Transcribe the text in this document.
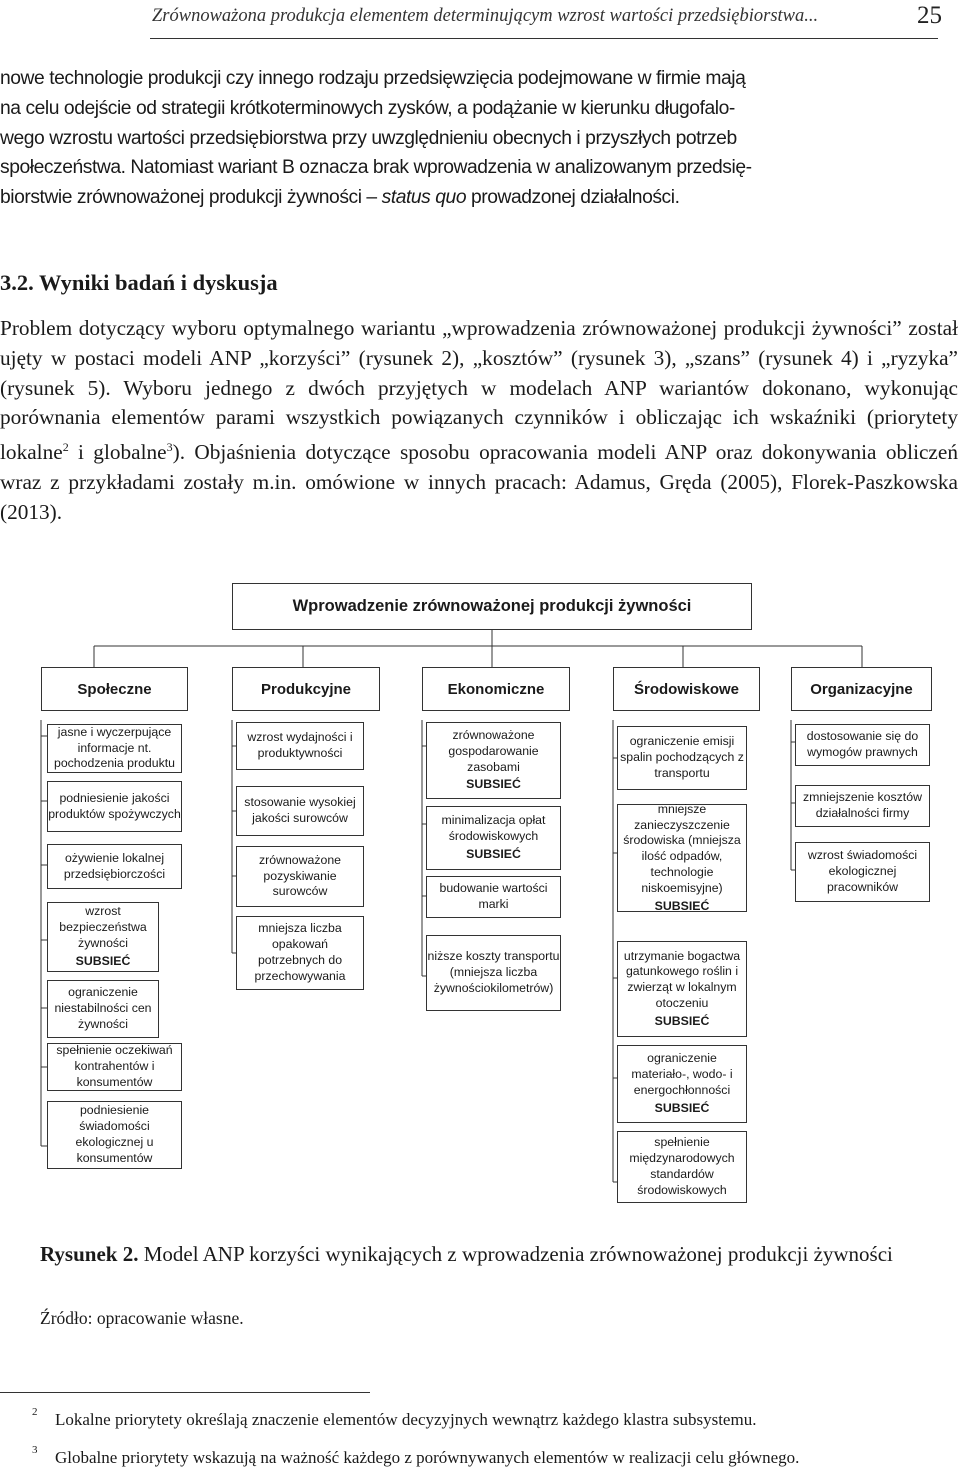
Zrównoważona produkcja elementem determinującym wzrost wartości przedsiębiorstwa...	25
nowe technologie produkcji czy innego rodzaju przedsięwzięcia podejmowane w firmie mają
na celu odejście od strategii krótkoterminowych zysków, a podążanie w kierunku długofalo-
wego wzrostu wartości przedsiębiorstwa przy uwzględnieniu obecnych i przyszłych potrzeb
społeczeństwa. Natomiast wariant B oznacza brak wprowadzenia w analizowanym przedsię-
biorstwie zrównoważonej produkcji żywności – status quo prowadzonej działalności.
3.2. Wyniki badań i dyskusja
Problem dotyczący wyboru optymalnego wariantu „wprowadzenia zrównoważonej produkcji żywności” został ujęty w postaci modeli ANP „korzyści” (rysunek 2), „kosztów” (rysunek 3), „szans” (rysunek 4) i „ryzyka” (rysunek 5). Wyboru jednego z dwóch przyjętych w modelach ANP wariantów dokonano, wykonując porównania elementów parami wszystkich powiązanych czynników i obliczając ich wskaźniki (priorytety lokalne$^2$ i globalne$^3$). Objaśnienia dotyczące sposobu opracowania modeli ANP oraz dokonywania obliczeń wraz z przykładami zostały m.in. omówione w innych pracach: Adamus, Gręda (2005), Florek-Paszkowska (2013).
Wprowadzenie zrównoważonej produkcji żywności
Społeczne	Produkcyjne	Ekonomiczne	Środowiskowe	Organizacyjne
jasne i wyczerpujące informacje nt. pochodzenia produktu
podniesienie jakości produktów spożywczych
ożywienie lokalnej przedsiębiorczości
wzrost bezpieczeństwa żywności
SUBSIEĆ
ograniczenie niestabilności cen żywności
spełnienie oczekiwań kontrahentów i konsumentów
podniesienie świadomości ekologicznej u konsumentów
wzrost wydajności i produktywności
stosowanie wysokiej jakości surowców
zrównoważone pozyskiwanie surowców
mniejsza liczba opakowań potrzebnych do przechowywania
zrównoważone gospodarowanie zasobami
SUBSIEĆ
minimalizacja opłat środowiskowych
SUBSIEĆ
budowanie wartości marki
niższe koszty transportu (mniejsza liczba żywnościokilometrów)
ograniczenie emisji spalin pochodzących z transportu
mniejsze zanieczyszczenie środowiska (mniejsza ilość odpadów, technologie niskoemisyjne)
SUBSIEĆ
utrzymanie bogactwa gatunkowego roślin i zwierząt w lokalnym otoczeniu
SUBSIEĆ
ograniczenie materiało-, wodo- i energochłonności
SUBSIEĆ
spełnienie międzynarodowych standardów środowiskowych
dostosowanie się do wymogów prawnych
zmniejszenie kosztów działalności firmy
wzrost świadomości ekologicznej pracowników
Rysunek 2. Model ANP korzyści wynikających z wprowadzenia zrównoważonej produkcji żywności
Źródło: opracowanie własne.
2 Lokalne priorytety określają znaczenie elementów decyzyjnych wewnątrz każdego klastra subsystemu.
3 Globalne priorytety wskazują na ważność każdego z porównywanych elementów w realizacji celu głównego.
